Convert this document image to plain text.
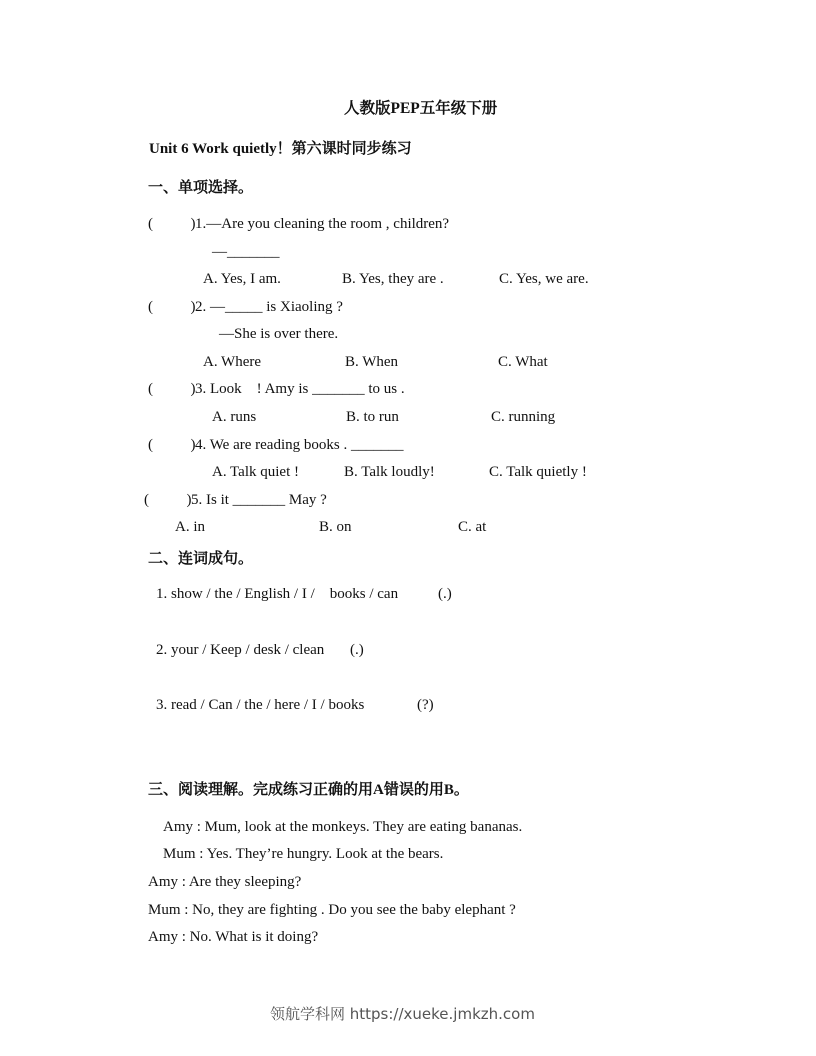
人教版PEP五年级下册
Unit 6 Work quietly！第六课时同步练习
一、单项选择。
(          ) 1.—Are you cleaning the room , children?
—_______
A. Yes, I am.	B. Yes, they are .	C. Yes, we are.
(          ) 2. —_____ is Xiaoling ?
—She is over there.
A. Where	B. When	C. What
(          ) 3. Look    ! Amy is _______ to us .
A. runs	B. to run	C. running
(          ) 4. We are reading books . _______
A. Talk quiet !	B. Talk loudly!	C. Talk quietly !
(          ) 5. Is it _______ May ?
A. in	B. on	C. at
二、连词成句。
1. show / the / English / I /    books / can	(.)
2. your / Keep / desk / clean (.)
3. read / Can / the / here / I / books	(?)
三、阅读理解。完成练习正确的用A错误的用B。
Amy : Mum, look at the monkeys. They are eating bananas.
Mum : Yes. They’re hungry. Look at the bears.
Amy : Are they sleeping?
Mum : No, they are fighting . Do you see the baby elephant ?
Amy : No. What is it doing?
领航学科网 https://xueke.jmkzh.com
